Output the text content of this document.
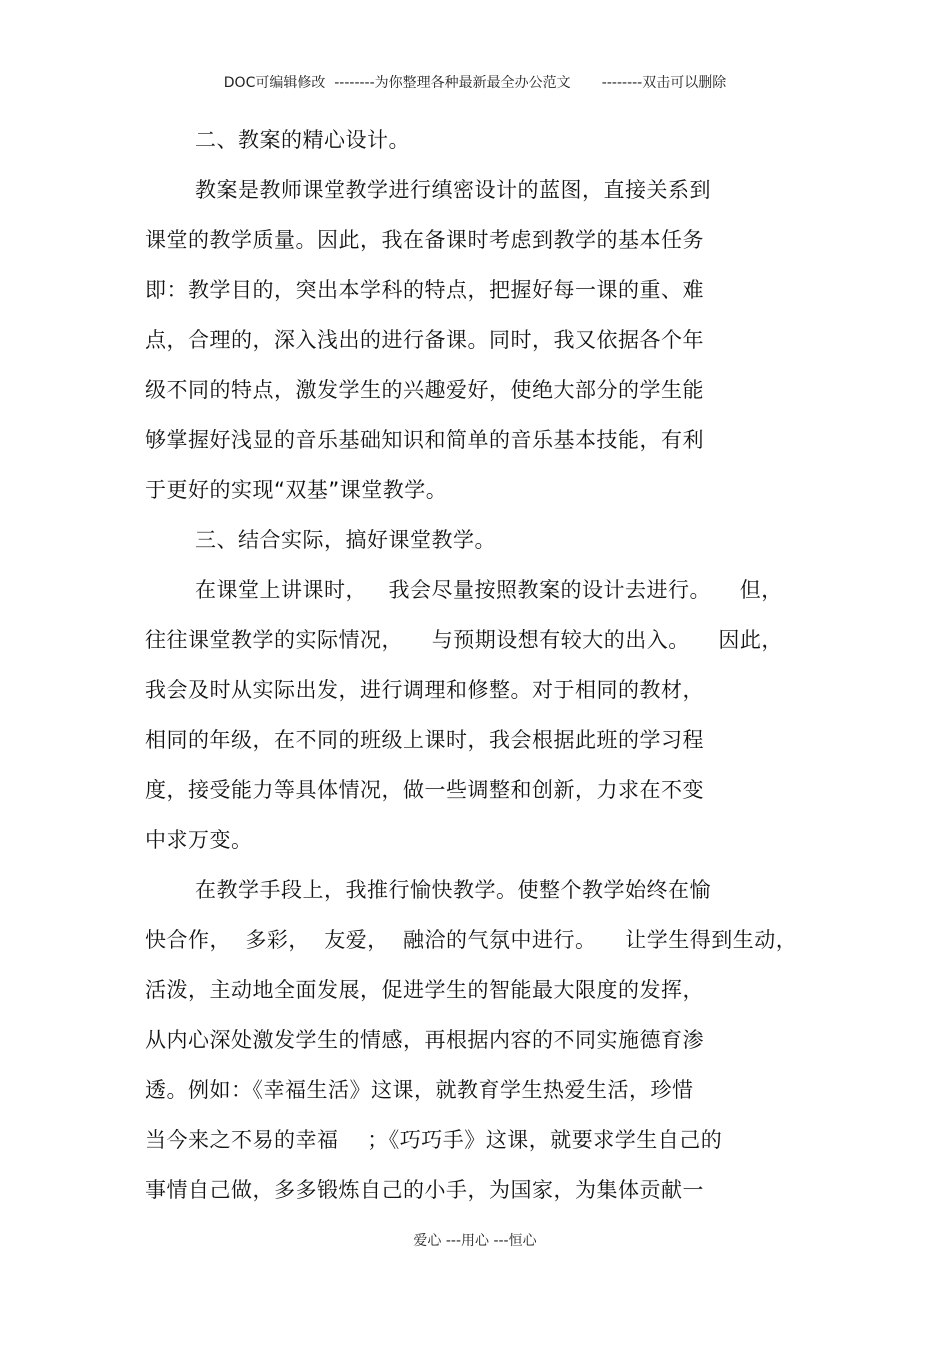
DOC可编辑修改  --------为你整理各种最新最全办公范文       --------双击可以删除
二、教案的精心设计。
教案是教师课堂教学进行缜密设计的蓝图，直接关系到
课堂的教学质量。因此，我在备课时考虑到教学的基本任务
即：教学目的，突出本学科的特点，把握好每一课的重、难
点，合理的，深入浅出的进行备课。同时，我又依据各个年
级不同的特点，激发学生的兴趣爱好，使绝大部分的学生能
够掌握好浅显的音乐基础知识和简单的音乐基本技能，有利
于更好的实现“双基”课堂教学。
三、结合实际，搞好课堂教学。
在课堂上讲课时，   我会尽量按照教案的设计去进行。    但，
往往课堂教学的实际情况，    与预期设想有较大的出入。    因此，
我会及时从实际出发，进行调理和修整。对于相同的教材，
相同的年级，在不同的班级上课时，我会根据此班的学习程
度，接受能力等具体情况，做一些调整和创新，力求在不变
中求万变。
在教学手段上，我推行愉快教学。使整个教学始终在愉
快合作，  多彩，  友爱，  融洽的气氛中进行。    让学生得到生动，
活泼，主动地全面发展，促进学生的智能最大限度的发挥，
从内心深处激发学生的情感，再根据内容的不同实施德育渗
透。例如：《幸福生活》这课，就教育学生热爱生活，珍惜
当今来之不易的幸福    ；《巧巧手》这课，就要求学生自己的
事情自己做，多多锻炼自己的小手，为国家，为集体贡献一
爱心 ---用心 ---恒心
